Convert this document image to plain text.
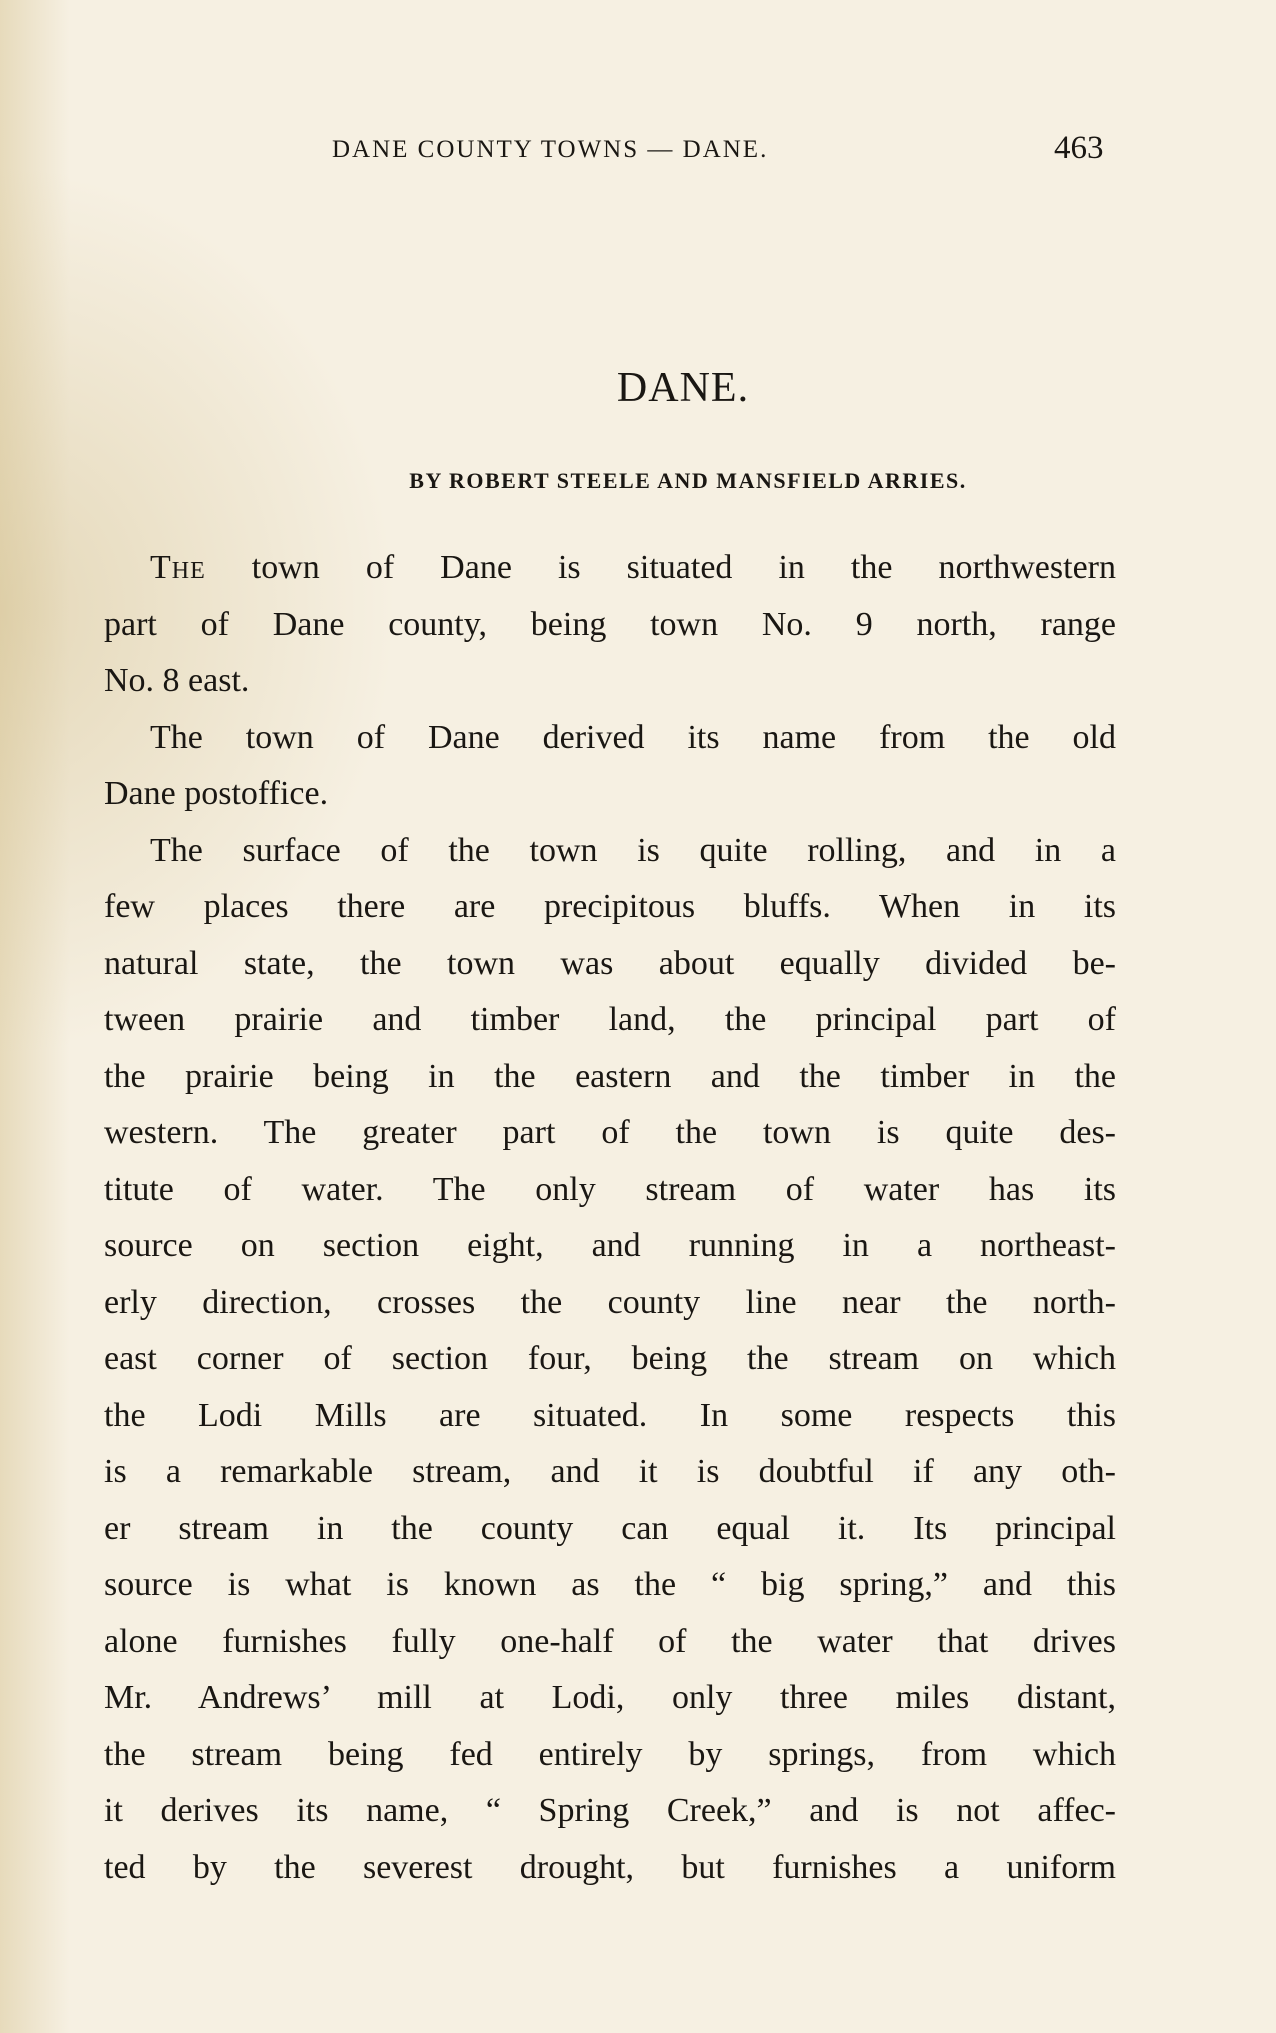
DANE COUNTY TOWNS — DANE.	463
DANE.
BY ROBERT STEELE AND MANSFIELD ARRIES.
The town of Dane is situated in the northwestern
part of Dane county, being town No. 9 north, range
No. 8 east.
The town of Dane derived its name from the old
Dane postoffice.
The surface of the town is quite rolling, and in a
few places there are precipitous bluffs. When in its
natural state, the town was about equally divided be-
tween prairie and timber land, the principal part of
the prairie being in the eastern and the timber in the
western. The greater part of the town is quite des-
titute of water. The only stream of water has its
source on section eight, and running in a northeast-
erly direction, crosses the county line near the north-
east corner of section four, being the stream on which
the Lodi Mills are situated. In some respects this
is a remarkable stream, and it is doubtful if any oth-
er stream in the county can equal it. Its principal
source is what is known as the “ big spring,” and this
alone furnishes fully one-half of the water that drives
Mr. Andrews’ mill at Lodi, only three miles distant,
the stream being fed entirely by springs, from which
it derives its name, “ Spring Creek,” and is not affec-
ted by the severest drought, but furnishes a uniform
